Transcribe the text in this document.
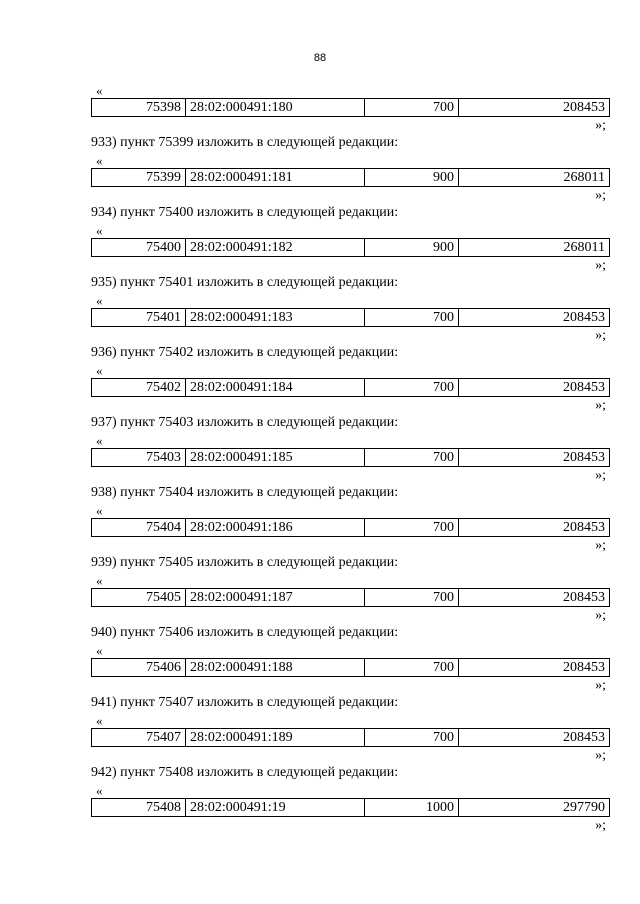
88
«
75398 28:02:000491:180	700	208453
»;
933) пункт 75399 изложить в следующей редакции:
«
75399 28:02:000491:181	900	268011
»;
934) пункт 75400 изложить в следующей редакции:
«
75400 28:02:000491:182	900	268011
»;
935) пункт 75401 изложить в следующей редакции:
«
75401 28:02:000491:183	700	208453
»;
936) пункт 75402 изложить в следующей редакции:
«
75402 28:02:000491:184	700	208453
»;
937) пункт 75403 изложить в следующей редакции:
«
75403 28:02:000491:185	700	208453
»;
938) пункт 75404 изложить в следующей редакции:
«
75404 28:02:000491:186	700	208453
»;
939) пункт 75405 изложить в следующей редакции:
«
75405 28:02:000491:187	700	208453
»;
940) пункт 75406 изложить в следующей редакции:
«
75406 28:02:000491:188	700	208453
»;
941) пункт 75407 изложить в следующей редакции:
«
75407 28:02:000491:189	700	208453
»;
942) пункт 75408 изложить в следующей редакции:
«
75408 28:02:000491:19	1000	297790
»;
